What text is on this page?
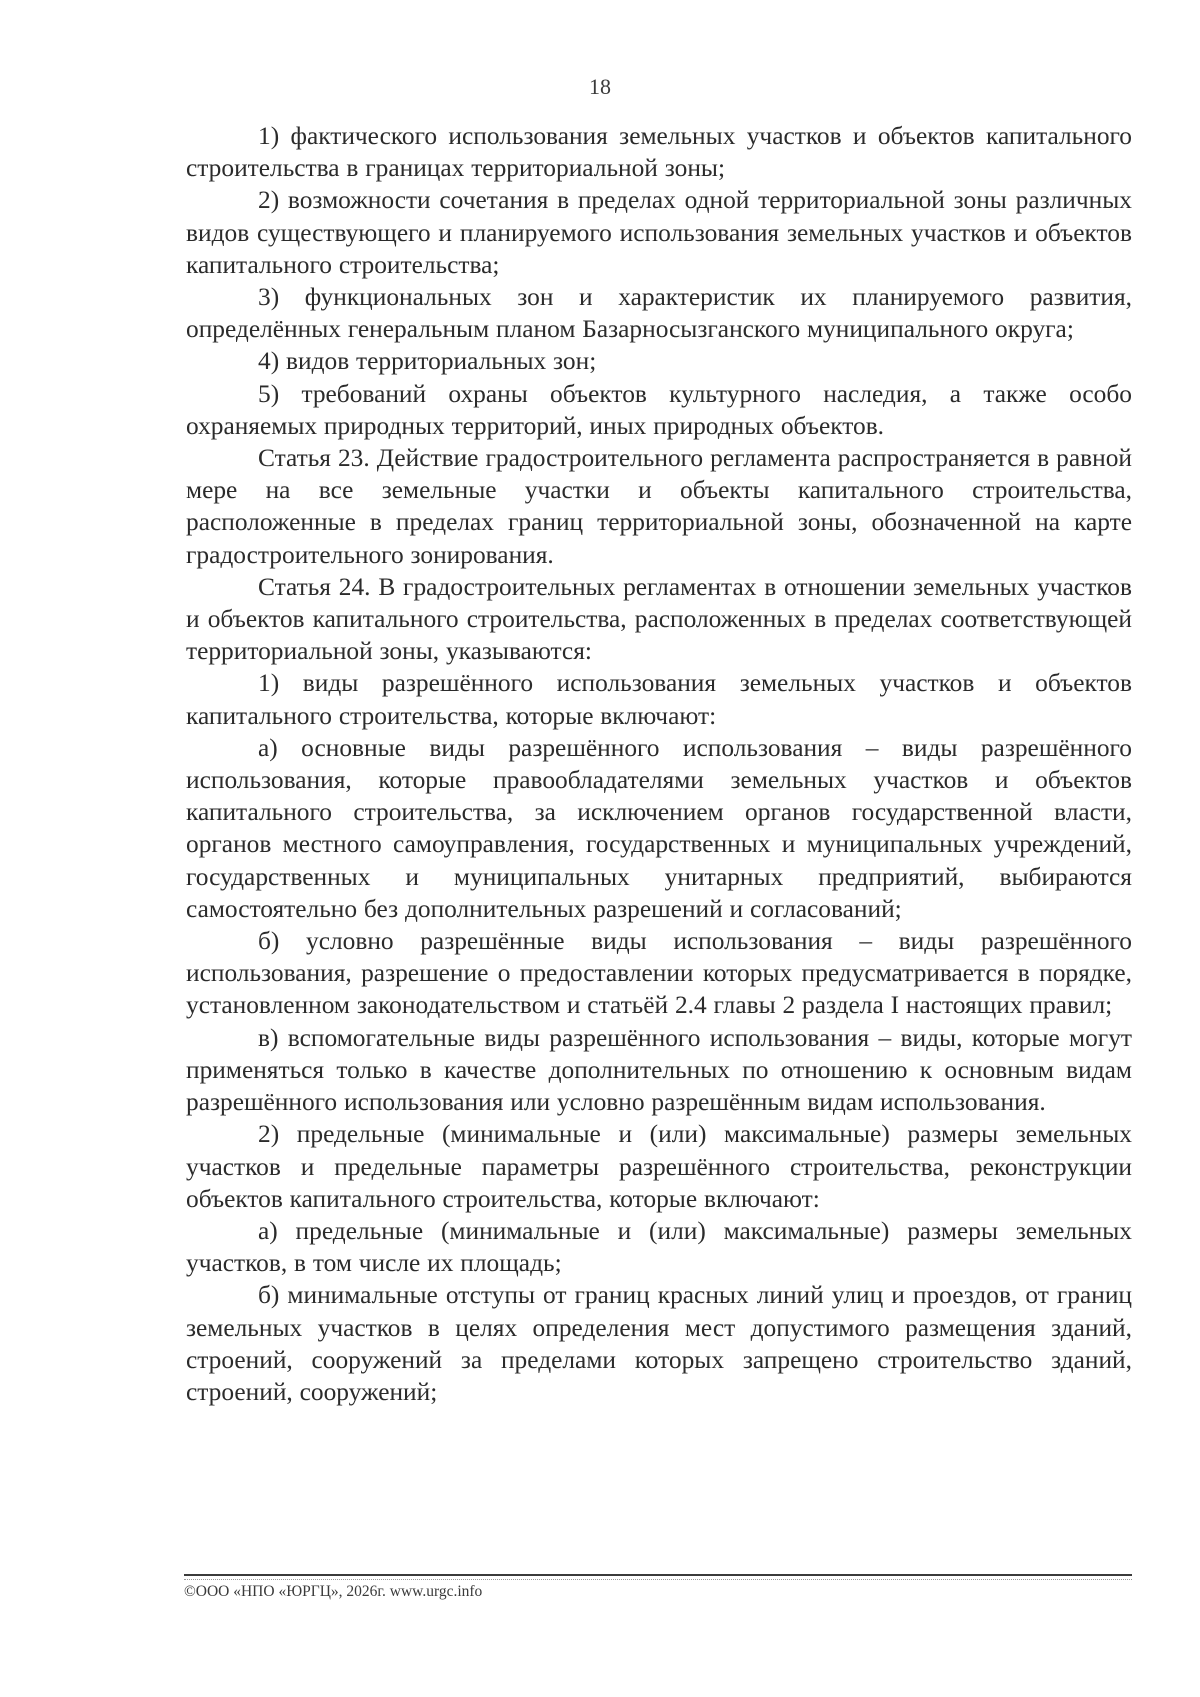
18

1) фактического использования земельных участков и объектов капитального строительства в границах территориальной зоны;

2) возможности сочетания в пределах одной территориальной зоны различных видов существующего и планируемого использования земельных участков и объектов капитального строительства;

3) функциональных зон и характеристик их планируемого развития, определённых генеральным планом Базарносызганского муниципального округа;

4) видов территориальных зон;

5) требований охраны объектов культурного наследия, а также особо охраняемых природных территорий, иных природных объектов.

Статья 23. Действие градостроительного регламента распространяется в равной мере на все земельные участки и объекты капитального строительства, расположенные в пределах границ территориальной зоны, обозначенной на карте градостроительного зонирования.

Статья 24. В градостроительных регламентах в отношении земельных участков и объектов капитального строительства, расположенных в пределах соответствующей территориальной зоны, указываются:

1) виды разрешённого использования земельных участков и объектов капитального строительства, которые включают:

а) основные виды разрешённого использования – виды разрешённого использования, которые правообладателями земельных участков и объектов капитального строительства, за исключением органов государственной власти, органов местного самоуправления, государственных и муниципальных учреждений, государственных и муниципальных унитарных предприятий, выбираются самостоятельно без дополнительных разрешений и согласований;

б) условно разрешённые виды использования – виды разрешённого использования, разрешение о предоставлении которых предусматривается в порядке, установленном законодательством и статьёй 2.4 главы 2 раздела I настоящих правил;

в) вспомогательные виды разрешённого использования – виды, которые могут применяться только в качестве дополнительных по отношению к основным видам разрешённого использования или условно разрешённым видам использования.

2) предельные (минимальные и (или) максимальные) размеры земельных участков и предельные параметры разрешённого строительства, реконструкции объектов капитального строительства, которые включают:

а) предельные (минимальные и (или) максимальные) размеры земельных участков, в том числе их площадь;

б) минимальные отступы от границ красных линий улиц и проездов, от границ земельных участков в целях определения мест допустимого размещения зданий, строений, сооружений за пределами которых запрещено строительство зданий, строений, сооружений;

©ООО «НПО «ЮРГЦ», 2026г. www.urgc.info
